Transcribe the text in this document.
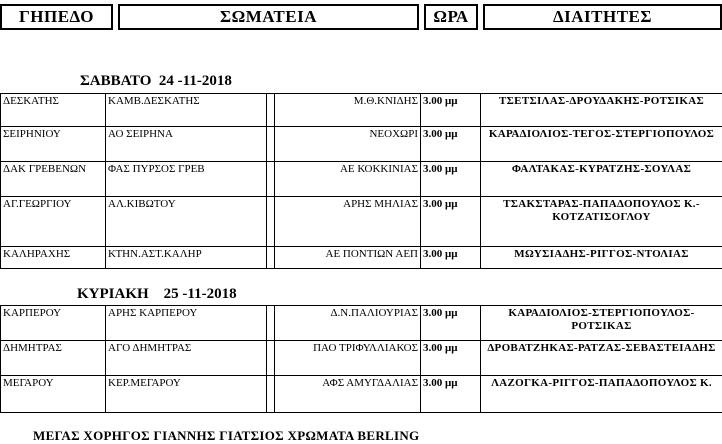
ΓΗΠΕΔΟ	ΣΩΜΑΤΕΙΑ	ΩΡΑ	ΔΙΑΙΤΗΤΕΣ
ΣΑΒΒΑΤΟ  24 -11-2018
ΔΕΣΚΑΤΗΣ	ΚΑΜΒ.ΔΕΣΚΑΤΗΣ		Μ.Θ.ΚΝΙΔΗΣ	3.00 μμ	ΤΣΕΤΣΙΛΑΣ-ΔΡΟΥΔΑΚΗΣ-ΡΟΤΣΙΚΑΣ
ΣΕΙΡΗΝΙΟΥ	ΑΟ ΣΕΙΡΗΝΑ		ΝΕΟΧΩΡΙ	3.00 μμ	ΚΑΡΑΔΙΟΛΙΟΣ-ΤΕΓΟΣ-ΣΤΕΡΓΙΟΠΟΥΛΟΣ
ΔΑΚ ΓΡΕΒΕΝΩΝ	ΦΑΣ ΠΥΡΣΟΣ ΓΡΕΒ		ΑΕ ΚΟΚΚΙΝΙΑΣ	3.00 μμ	ΦΑΛΤΑΚΑΣ-ΚΥΡΑΤΖΗΣ-ΣΟΥΛΑΣ
ΑΓ.ΓΕΩΡΓΙΟΥ	ΑΛ.ΚΙΒΩΤΟΥ		ΑΡΗΣ ΜΗΛΙΑΣ	3.00 μμ	ΤΣΑΚΣΤΑΡΑΣ-ΠΑΠΑΔΟΠΟΥΛΟΣ Κ.-ΚΟΤΖΑΤΙΣΟΓΛΟΥ
ΚΑΛΗΡΑΧΗΣ	ΚΤΗΝ.ΑΣΤ.ΚΑΛΗΡ		ΑΕ ΠΟΝΤΙΩΝ ΑΕΠ	3.00 μμ	ΜΩΥΣΙΑΔΗΣ-ΡΙΓΓΟΣ-ΝΤΟΛΙΑΣ
ΚΥΡΙΑΚΗ    25 -11-2018
ΚΑΡΠΕΡΟΥ	ΑΡΗΣ ΚΑΡΠΕΡΟΥ		Δ.Ν.ΠΑΛΙΟΥΡΙΑΣ	3.00 μμ	ΚΑΡΑΔΙΟΛΙΟΣ-ΣΤΕΡΓΙΟΠΟΥΛΟΣ-ΡΟΤΣΙΚΑΣ
ΔΗΜΗΤΡΑΣ	ΑΓΟ ΔΗΜΗΤΡΑΣ		ΠΑΟ ΤΡΙΦΥΛΛΙΑΚΟΣ	3.00 μμ	ΔΡΟΒΑΤΖΗΚΑΣ-ΡΑΤΖΑΣ-ΣΕΒΑΣΤΕΙΑΔΗΣ
ΜΕΓΑΡΟΥ	ΚΕΡ.ΜΕΓΑΡΟΥ		ΑΦΣ ΑΜΥΓΔΑΛΙΑΣ	3.00 μμ	ΛΑΖΟΓΚΑ-ΡΙΓΓΟΣ-ΠΑΠΑΔΟΠΟΥΛΟΣ Κ.
ΜΕΓΑΣ ΧΟΡΗΓΟΣ ΓΙΑΝΝΗΣ ΓΙΑΤΣΙΟΣ ΧΡΩΜΑΤΑ BERLING
